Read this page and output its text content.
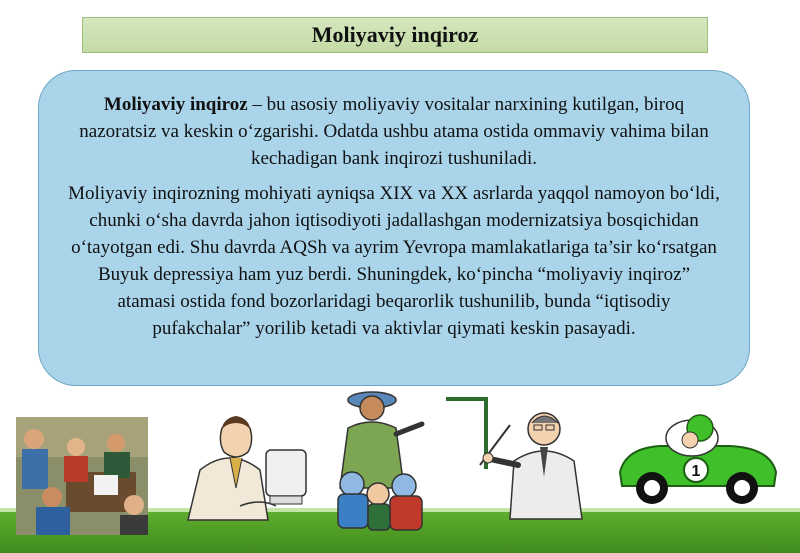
Moliyaviy inqiroz

Moliyaviy inqiroz – bu asosiy moliyaviy vositalar narxining kutilgan, biroq nazoratsiz va keskin o‘zgarishi. Odatda ushbu atama ostida ommaviy vahima bilan kechadigan bank inqirozi tushuniladi.

Moliyaviy inqirozning mohiyati ayniqsa XIX va XX asrlarda yaqqol namoyon bo‘ldi, chunki o‘sha davrda jahon iqtisodiyoti jadallashgan modernizatsiya bosqichidan o‘tayotgan edi. Shu davrda AQSh va ayrim Yevropa mamlakatlariga ta’sir ko‘rsatgan Buyuk depressiya ham yuz berdi. Shuningdek, ko‘pincha “moliyaviy inqiroz” atamasi ostida fond bozorlaridagi beqarorlik tushunilib, bunda “iqtisodiy pufakchalar” yorilib ketadi va aktivlar qiymati keskin pasayadi.

1
